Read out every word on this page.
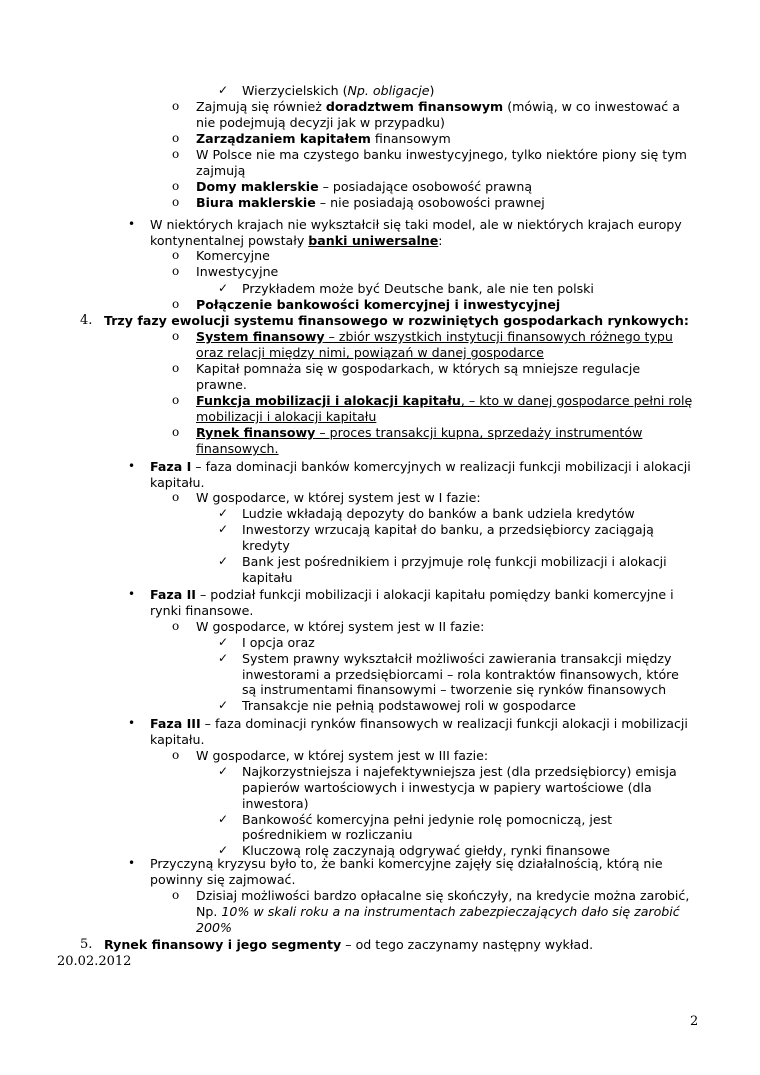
✓ Wierzycielskich (Np. obligacje)
o Zajmują się również doradztwem finansowym (mówią, w co inwestować a
nie podejmują decyzji jak w przypadku)
o Zarządzaniem kapitałem finansowym
o W Polsce nie ma czystego banku inwestycyjnego, tylko niektóre piony się tym
zajmują
o Domy maklerskie – posiadające osobowość prawną
o Biura maklerskie – nie posiadają osobowości prawnej
• W niektórych krajach nie wykształcił się taki model, ale w niektórych krajach europy
kontynentalnej powstały banki uniwersalne:
o Komercyjne
o Inwestycyjne
✓ Przykładem może być Deutsche bank, ale nie ten polski
o Połączenie bankowości komercyjnej i inwestycyjnej
4. Trzy fazy ewolucji systemu finansowego w rozwiniętych gospodarkach rynkowych:
o System finansowy – zbiór wszystkich instytucji finansowych różnego typu
oraz relacji między nimi, powiązań w danej gospodarce
o Kapitał pomnaża się w gospodarkach, w których są mniejsze regulacje
prawne.
o Funkcja mobilizacji i alokacji kapitału, – kto w danej gospodarce pełni rolę
mobilizacji i alokacji kapitału
o Rynek finansowy – proces transakcji kupna, sprzedaży instrumentów
finansowych.
• Faza I – faza dominacji banków komercyjnych w realizacji funkcji mobilizacji i alokacji
kapitału.
o W gospodarce, w której system jest w I fazie:
✓ Ludzie wkładają depozyty do banków a bank udziela kredytów
✓ Inwestorzy wrzucają kapitał do banku, a przedsiębiorcy zaciągają
kredyty
✓ Bank jest pośrednikiem i przyjmuje rolę funkcji mobilizacji i alokacji
kapitału
• Faza II – podział funkcji mobilizacji i alokacji kapitału pomiędzy banki komercyjne i
rynki finansowe.
o W gospodarce, w której system jest w II fazie:
✓ I opcja oraz
✓ System prawny wykształcił możliwości zawierania transakcji między
inwestorami a przedsiębiorcami – rola kontraktów finansowych, które
są instrumentami finansowymi – tworzenie się rynków finansowych
✓ Transakcje nie pełnią podstawowej roli w gospodarce
• Faza III – faza dominacji rynków finansowych w realizacji funkcji alokacji i mobilizacji
kapitału.
o W gospodarce, w której system jest w III fazie:
✓ Najkorzystniejsza i najefektywniejsza jest (dla przedsiębiorcy) emisja
papierów wartościowych i inwestycja w papiery wartościowe (dla
inwestora)
✓ Bankowość komercyjna pełni jedynie rolę pomocniczą, jest
pośrednikiem w rozliczaniu
✓ Kluczową rolę zaczynają odgrywać giełdy, rynki finansowe
• Przyczyną kryzysu było to, że banki komercyjne zajęły się działalnością, którą nie
powinny się zajmować.
o Dzisiaj możliwości bardzo opłacalne się skończyły, na kredycie można zarobić,
Np. 10% w skali roku a na instrumentach zabezpieczających dało się zarobić
200%
5. Rynek finansowy i jego segmenty – od tego zaczynamy następny wykład.
20.02.2012
2
